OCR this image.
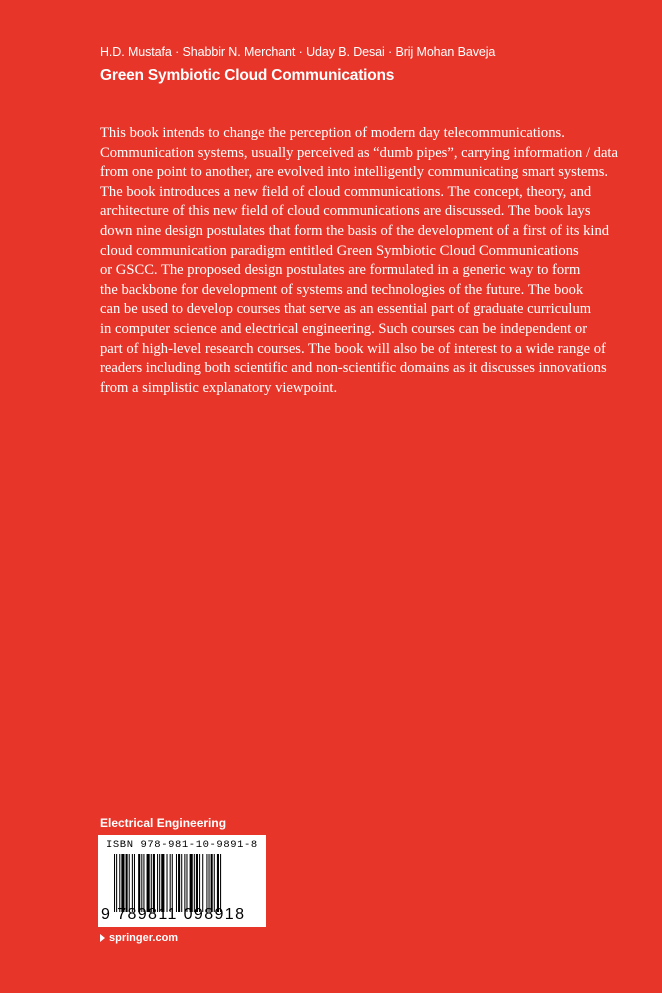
H.D. Mustafa · Shabbir N. Merchant · Uday B. Desai · Brij Mohan Baveja
Green Symbiotic Cloud Communications
This book intends to change the perception of modern day telecommunications.
Communication systems, usually perceived as “dumb pipes”, carrying information / data
from one point to another, are evolved into intelligently communicating smart systems.
The book introduces a new field of cloud communications. The concept, theory, and
architecture of this new field of cloud communications are discussed. The book lays
down nine design postulates that form the basis of the development of a first of its kind
cloud communication paradigm entitled Green Symbiotic Cloud Communications
or GSCC. The proposed design postulates are formulated in a generic way to form
the backbone for development of systems and technologies of the future. The book
can be used to develop courses that serve as an essential part of graduate curriculum
in computer science and electrical engineering. Such courses can be independent or
part of high-level research courses. The book will also be of interest to a wide range of
readers including both scientific and non-scientific domains as it discusses innovations
from a simplistic explanatory viewpoint.
Electrical Engineering
ISBN 978-981-10-9891-8
9 789811 098918
springer.com
